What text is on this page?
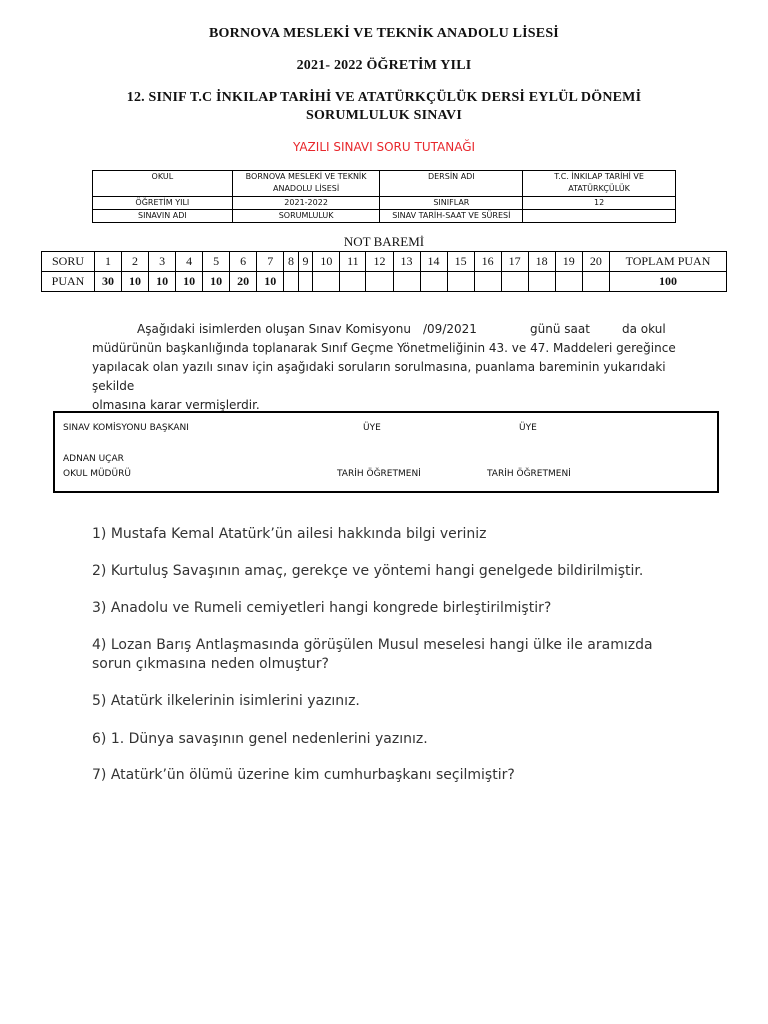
BORNOVA MESLEKİ VE TEKNİK ANADOLU LİSESİ
2021- 2022 ÖĞRETİM YILI
12. SINIF T.C İNKILAP TARİHİ VE ATATÜRKÇÜLÜK DERSİ EYLÜL DÖNEMİ
SORUMLULUK SINAVI
YAZILI SINAVI SORU TUTANAĞI
OKUL	BORNOVA MESLEKİ VE TEKNİK ANADOLU LİSESİ	DERSİN ADI	T.C. İNKILAP TARİHİ VE ATATÜRKÇÜLÜK
ÖĞRETİM YILI	2021-2022	SINIFLAR	12
SINAVIN ADI	SORUMLULUK	SINAV TARİH-SAAT VE SÜRESİ	
NOT BAREMİ
SORU	1	2	3	4	5	6	7	8	9	10	11	12	13	14	15	16	17	18	19	20	TOPLAM PUAN
PUAN	30	10	10	10	10	20	10														100

Aşağıdaki isimlerden oluşan Sınav Komisyonu /09/2021	günü saat	da okul

müdürünün başkanlığında toplanarak Sınıf Geçme Yönetmeliğinin 43. ve 47. Maddeleri gereğince

yapılacak olan yazılı sınav için aşağıdaki soruların sorulmasına, puanlama bareminin yukarıdaki şekilde

olmasına karar vermişlerdir.

SINAV KOMİSYONU BAŞKANI	ÜYE	ÜYE
ADNAN UÇAR
OKUL MÜDÜRÜ	TARİH ÖĞRETMENİ	TARİH ÖĞRETMENİ
1) Mustafa Kemal Atatürk’ün ailesi hakkında bilgi veriniz
2) Kurtuluş Savaşının amaç, gerekçe ve yöntemi hangi genelgede bildirilmiştir.
3) Anadolu ve Rumeli cemiyetleri hangi kongrede birleştirilmiştir?
4) Lozan Barış Antlaşmasında görüşülen Musul meselesi hangi ülke ile aramızda sorun çıkmasına neden olmuştur?
5) Atatürk ilkelerinin isimlerini yazınız.
6) 1. Dünya savaşının genel nedenlerini yazınız.
7) Atatürk’ün ölümü üzerine kim cumhurbaşkanı seçilmiştir?
